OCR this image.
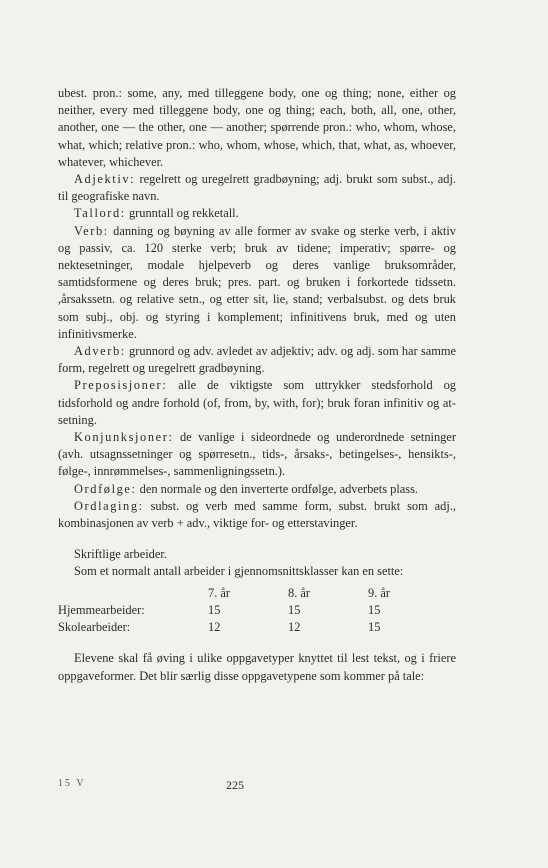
ubest. pron.: some, any, med tilleggene body, one og thing; none, either og neither, every med tilleggene body, one og thing; each, both, all, one, other, another, one — the other, one — another; spørrende pron.: who, whom, whose, what, which; relative pron.: who, whom, whose, which, that, what, as, whoever, whatever, whichever.

Adjektiv: regelrett og uregelrett gradbøyning; adj. brukt som subst., adj. til geografiske navn.

Tallord: grunntall og rekketall.

Verb: danning og bøyning av alle former av svake og sterke verb, i aktiv og passiv, ca. 120 sterke verb; bruk av tidene; imperativ; spørre- og nektesetninger, modale hjelpeverb og deres vanlige bruksområder, samtidsformene og deres bruk; pres. part. og bruken i forkortede tidssetn. ,årsakssetn. og relative setn., og etter sit, lie, stand; verbalsubst. og dets bruk som subj., obj. og styring i komplement; infinitivens bruk, med og uten infinitivsmerke.

Adverb: grunnord og adv. avledet av adjektiv; adv. og adj. som har samme form, regelrett og uregelrett gradbøyning.

Preposisjoner: alle de viktigste som uttrykker stedsforhold og tidsforhold og andre forhold (of, from, by, with, for); bruk foran infinitiv og at-setning.

Konjunksjoner: de vanlige i sideordnede og underordnede setninger (avh. utsagnssetninger og spørresetn., tids-, årsaks-, betingelses-, hensikts-, følge-, innrømmelses-, sammenligningssetn.).

Ordfølge: den normale og den inverterte ordfølge, adverbets plass.

Ordlaging: subst. og verb med samme form, subst. brukt som adj., kombinasjonen av verb + adv., viktige for- og etterstavinger.

Skriftlige arbeider.

Som et normalt antall arbeider i gjennomsnittsklasser kan en sette:

	7. år	8. år	9. år
Hjemmearbeider:	15	15	15
Skolearbeider:	12	12	15

Elevene skal få øving i ulike oppgavetyper knyttet til lest tekst, og i friere oppgaveformer. Det blir særlig disse oppgavetypene som kommer på tale:

15 V	225
